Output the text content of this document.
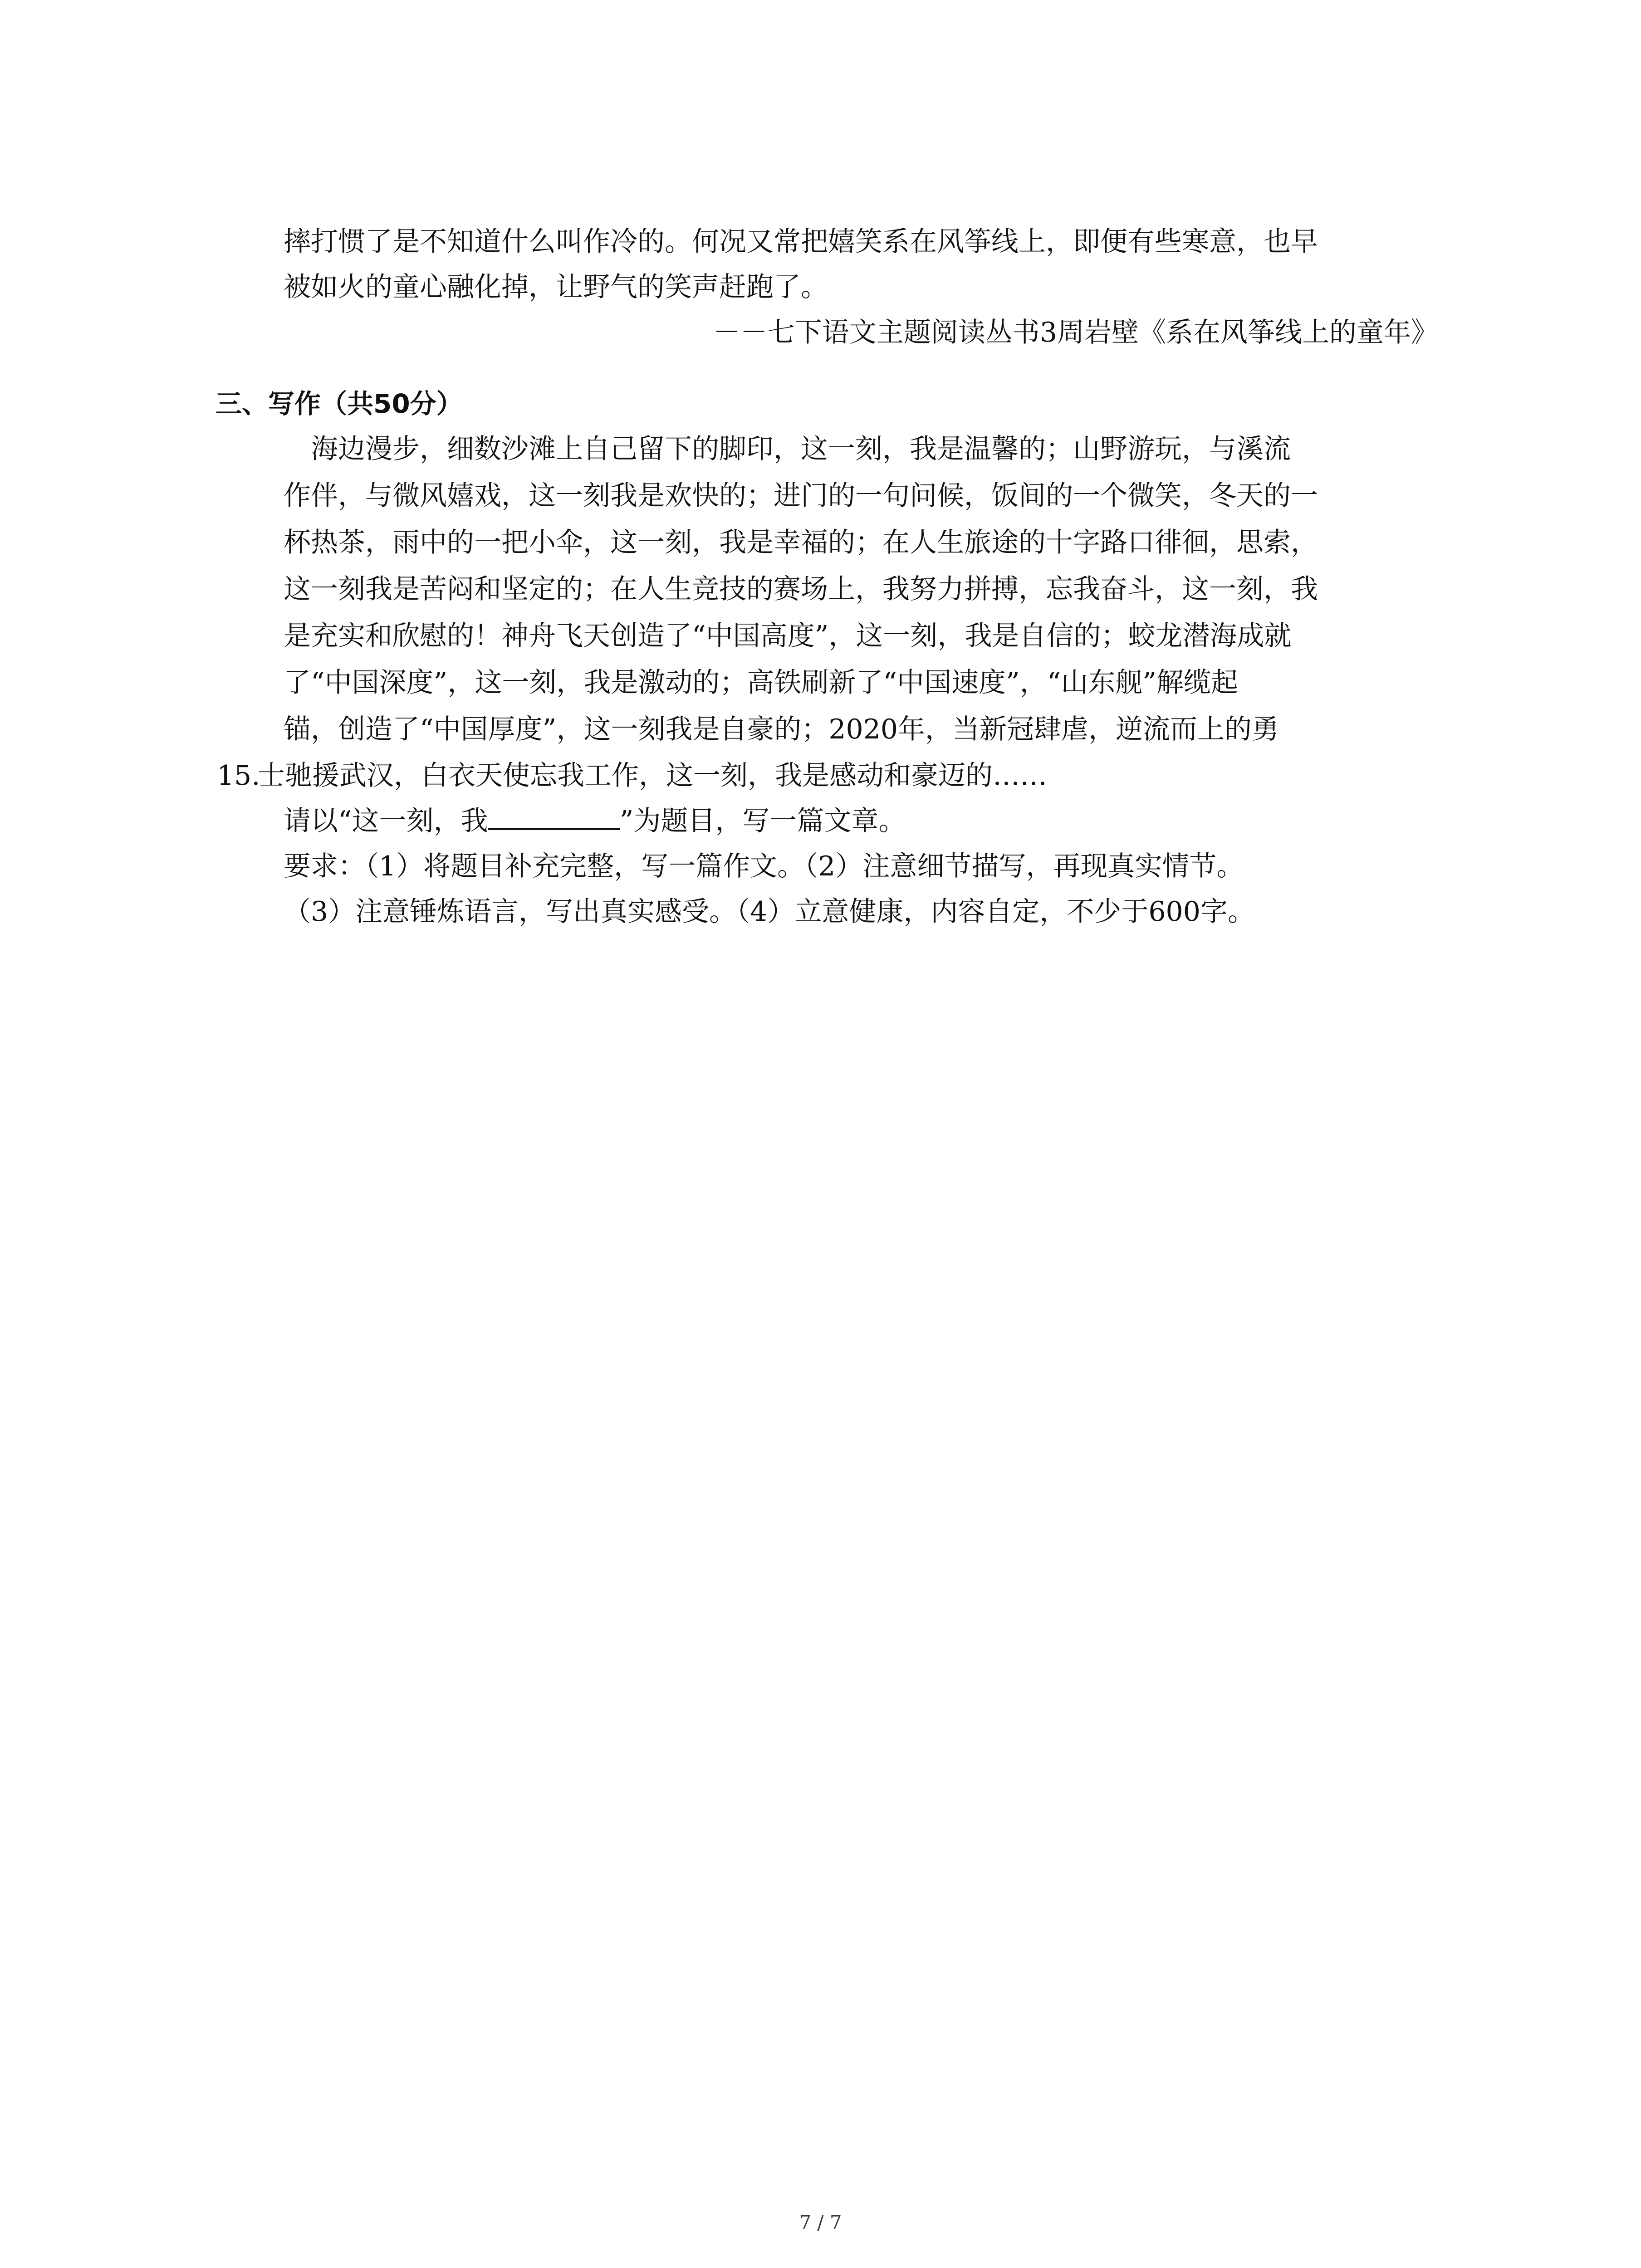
摔打惯了是不知道什么叫作冷的。何况又常把嬉笑系在风筝线上，即便有些寒意，也早
被如火的童心融化掉，让野气的笑声赶跑了。
－－七下语文主题阅读丛书3周岩壁《系在风筝线上的童年》
三、写作（共50分）
海边漫步，细数沙滩上自己留下的脚印，这一刻，我是温馨的；山野游玩，与溪流
作伴，与微风嬉戏，这一刻我是欢快的；进门的一句问候，饭间的一个微笑，冬天的一
杯热茶，雨中的一把小伞，这一刻，我是幸福的；在人生旅途的十字路口徘徊，思索，
这一刻我是苦闷和坚定的；在人生竞技的赛场上，我努力拼搏，忘我奋斗，这一刻，我
是充实和欣慰的！神舟飞天创造了“中国高度”，这一刻，我是自信的；蛟龙潜海成就
了“中国深度”，这一刻，我是激动的；高铁刷新了“中国速度”，“山东舰”解缆起
锚，创造了“中国厚度”，这一刻我是自豪的；2020年，当新冠肆虐，逆流而上的勇
15.
士驰援武汉，白衣天使忘我工作，这一刻，我是感动和豪迈的……
请以“这一刻，我	”为题目，写一篇文章。
要求：（1）将题目补充完整，写一篇作文。（2）注意细节描写，再现真实情节。
（3）注意锤炼语言，写出真实感受。（4）立意健康，内容自定，不少于600字。
7 / 7
